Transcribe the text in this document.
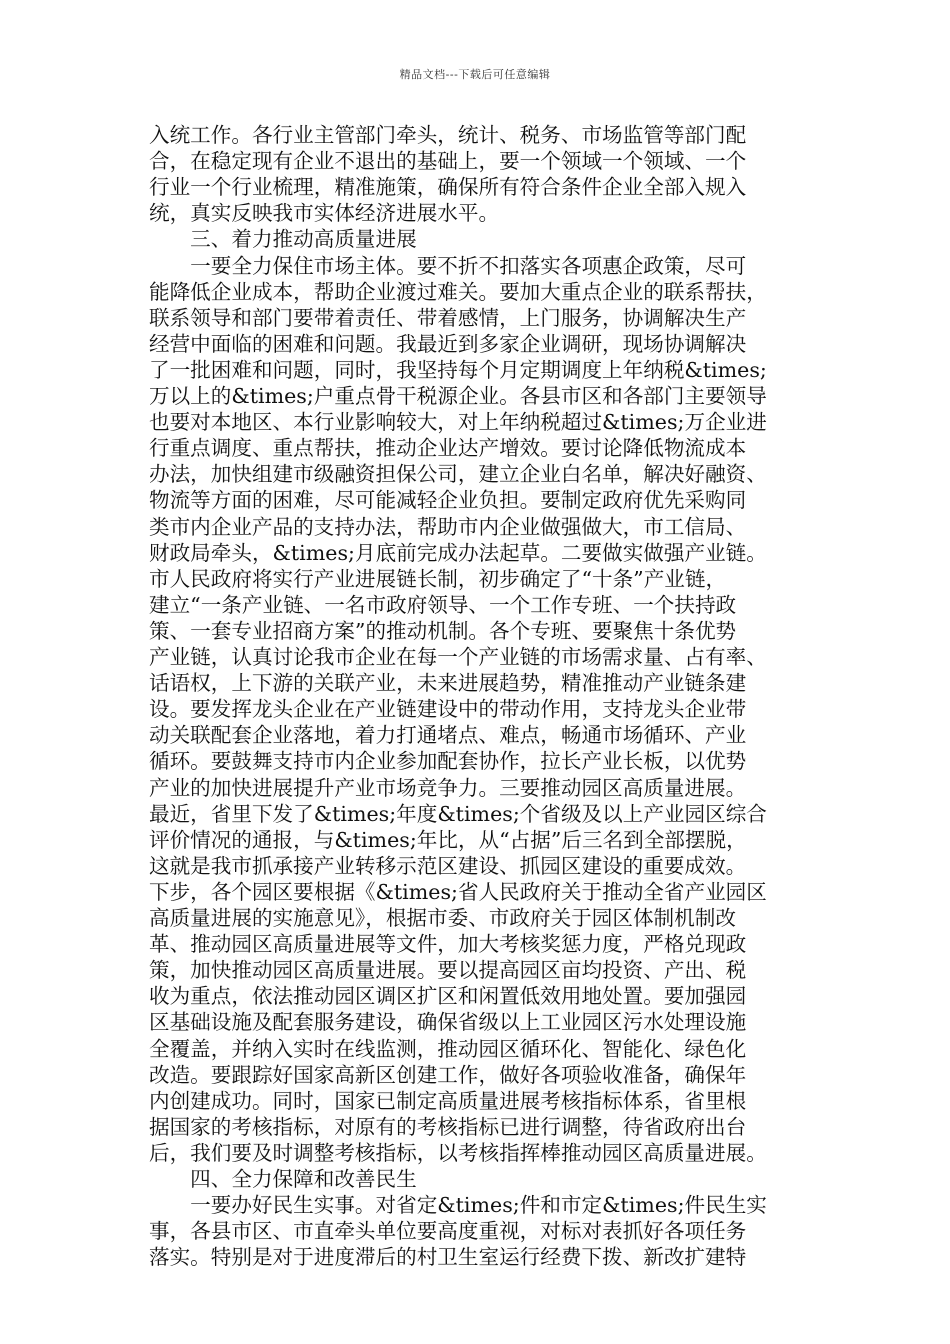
精品文档---下载后可任意编辑
入统工作。各行业主管部门牵头，统计、税务、市场监管等部门配
合，在稳定现有企业不退出的基础上，要一个领域一个领域、一个
行业一个行业梳理，精准施策，确保所有符合条件企业全部入规入
统，真实反映我市实体经济进展水平。
　　三、着力推动高质量进展
　　一要全力保住市场主体。要不折不扣落实各项惠企政策，尽可
能降低企业成本，帮助企业渡过难关。要加大重点企业的联系帮扶，
联系领导和部门要带着责任、带着感情，上门服务，协调解决生产
经营中面临的困难和问题。我最近到多家企业调研，现场协调解决
了一批困难和问题，同时，我坚持每个月定期调度上年纳税&times;
万以上的&times;户重点骨干税源企业。各县市区和各部门主要领导
也要对本地区、本行业影响较大，对上年纳税超过&times;万企业进
行重点调度、重点帮扶，推动企业达产增效。要讨论降低物流成本
办法，加快组建市级融资担保公司，建立企业白名单，解决好融资、
物流等方面的困难，尽可能减轻企业负担。要制定政府优先采购同
类市内企业产品的支持办法，帮助市内企业做强做大，市工信局、
财政局牵头，&times;月底前完成办法起草。二要做实做强产业链。
市人民政府将实行产业进展链长制，初步确定了“十条”产业链，
建立“一条产业链、一名市政府领导、一个工作专班、一个扶持政
策、一套专业招商方案”的推动机制。各个专班、要聚焦十条优势
产业链，认真讨论我市企业在每一个产业链的市场需求量、占有率、
话语权，上下游的关联产业，未来进展趋势，精准推动产业链条建
设。要发挥龙头企业在产业链建设中的带动作用，支持龙头企业带
动关联配套企业落地，着力打通堵点、难点，畅通市场循环、产业
循环。要鼓舞支持市内企业参加配套协作，拉长产业长板，以优势
产业的加快进展提升产业市场竞争力。三要推动园区高质量进展。
最近，省里下发了&times;年度&times;个省级及以上产业园区综合
评价情况的通报，与&times;年比，从“占据”后三名到全部摆脱，
这就是我市抓承接产业转移示范区建设、抓园区建设的重要成效。
下步，各个园区要根据《&times;省人民政府关于推动全省产业园区
高质量进展的实施意见》，根据市委、市政府关于园区体制机制改
革、推动园区高质量进展等文件，加大考核奖惩力度，严格兑现政
策，加快推动园区高质量进展。要以提高园区亩均投资、产出、税
收为重点，依法推动园区调区扩区和闲置低效用地处置。要加强园
区基础设施及配套服务建设，确保省级以上工业园区污水处理设施
全覆盖，并纳入实时在线监测，推动园区循环化、智能化、绿色化
改造。要跟踪好国家高新区创建工作，做好各项验收准备，确保年
内创建成功。同时，国家已制定高质量进展考核指标体系，省里根
据国家的考核指标，对原有的考核指标已进行调整，待省政府出台
后，我们要及时调整考核指标，以考核指挥棒推动园区高质量进展。
　　四、全力保障和改善民生
　　一要办好民生实事。对省定&times;件和市定&times;件民生实
事，各县市区、市直牵头单位要高度重视，对标对表抓好各项任务
落实。特别是对于进度滞后的村卫生室运行经费下拨、新改扩建特
